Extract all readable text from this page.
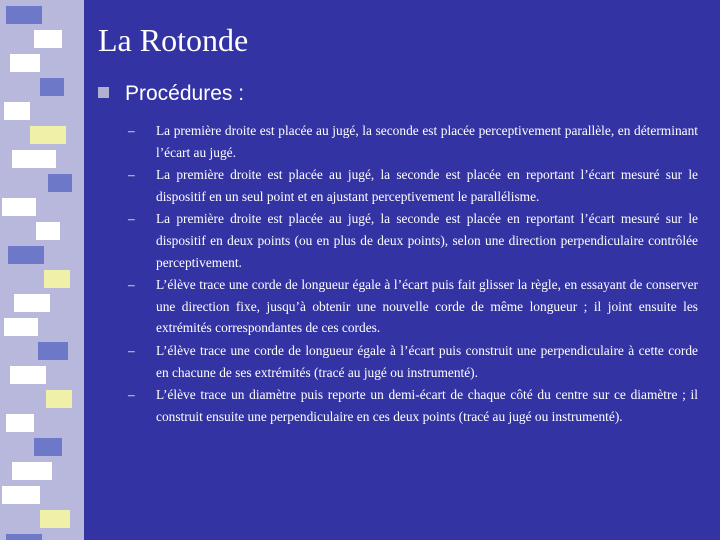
La Rotonde
Procédures :
– La première droite est placée au jugé, la seconde est placée perceptivement parallèle, en déterminant l’écart au jugé.
– La première droite est placée au jugé, la seconde est placée en reportant l’écart mesuré sur le dispositif en un seul point et en ajustant perceptivement le parallélisme.
– La première droite est placée au jugé, la seconde est placée en reportant l’écart mesuré sur le dispositif en deux points (ou en plus de deux points), selon une direction perpendiculaire contrôlée perceptivement.
– L’élève trace une corde de longueur égale à l’écart puis fait glisser la règle, en essayant de conserver une direction fixe, jusqu’à obtenir une nouvelle corde de même longueur ; il joint ensuite les extrémités correspondantes de ces cordes.
– L’élève trace une corde de longueur égale à l’écart puis construit une perpendiculaire à cette corde en chacune de ses extrémités (tracé au jugé ou instrumenté).
– L’élève trace un diamètre puis reporte un demi-écart de chaque côté du centre sur ce diamètre ; il construit ensuite une perpendiculaire en ces deux points (tracé au jugé ou instrumenté).
